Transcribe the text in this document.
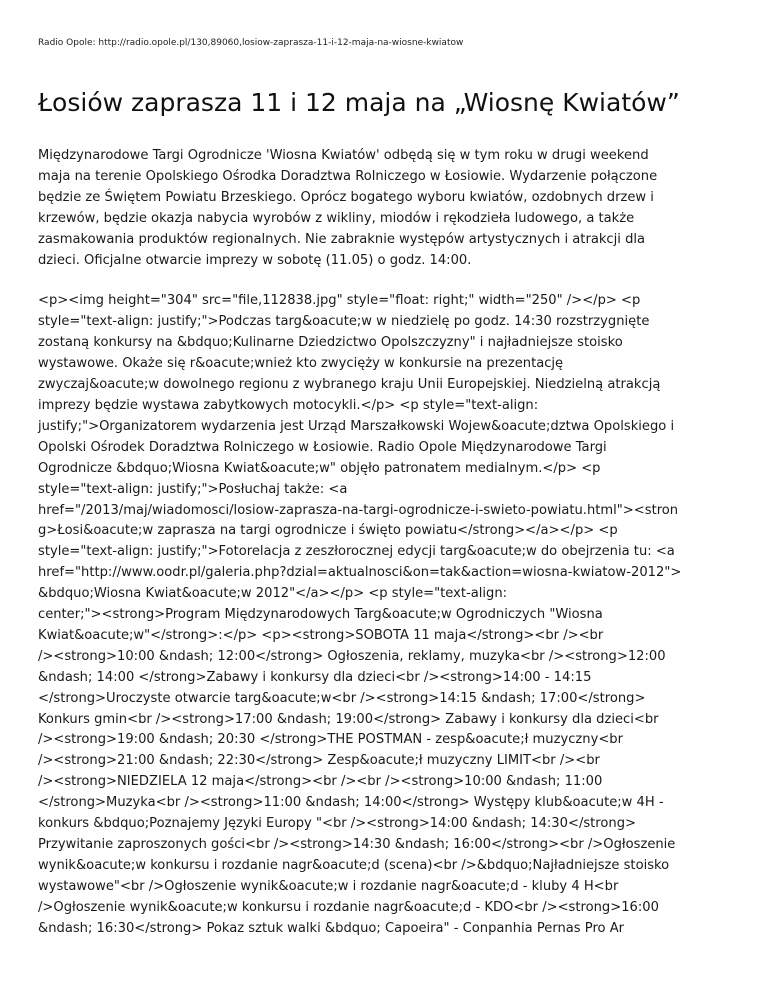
Radio Opole: http://radio.opole.pl/130,89060,losiow-zaprasza-11-i-12-maja-na-wiosne-kwiatow
Łosiów zaprasza 11 i 12 maja na „Wiosnę Kwiatów”

Międzynarodowe Targi Ogrodnicze 'Wiosna Kwiatów' odbędą się w tym roku w drugi weekend
maja na terenie Opolskiego Ośrodka Doradztwa Rolniczego w Łosiowie. Wydarzenie połączone
będzie ze Świętem Powiatu Brzeskiego. Oprócz bogatego wyboru kwiatów, ozdobnych drzew i
krzewów, będzie okazja nabycia wyrobów z wikliny, miodów i rękodzieła ludowego, a także
zasmakowania produktów regionalnych. Nie zabraknie występów artystycznych i atrakcji dla
dzieci. Oficjalne otwarcie imprezy w sobotę (11.05) o godz. 14:00.

<p><img height="304" src="file,112838.jpg" style="float: right;" width="250" /></p> <p
style="text-align: justify;">Podczas targ&oacute;w w niedzielę po godz. 14:30 rozstrzygnięte
zostaną konkursy na &bdquo;Kulinarne Dziedzictwo Opolszczyzny" i najładniejsze stoisko
wystawowe. Okaże się r&oacute;wnież kto zwycięży w konkursie na prezentację
zwyczaj&oacute;w dowolnego regionu z wybranego kraju Unii Europejskiej. Niedzielną atrakcją
imprezy będzie wystawa zabytkowych motocykli.</p> <p style="text-align:
justify;">Organizatorem wydarzenia jest Urząd Marszałkowski Wojew&oacute;dztwa Opolskiego i
Opolski Ośrodek Doradztwa Rolniczego w Łosiowie. Radio Opole Międzynarodowe Targi
Ogrodnicze &bdquo;Wiosna Kwiat&oacute;w" objęło patronatem medialnym.</p> <p
style="text-align: justify;">Posłuchaj także: <a
href="/2013/maj/wiadomosci/losiow-zaprasza-na-targi-ogrodnicze-i-swieto-powiatu.html"><stron
g>Łosi&oacute;w zaprasza na targi ogrodnicze i święto powiatu</strong></a></p> <p
style="text-align: justify;">Fotorelacja z zeszłorocznej edycji targ&oacute;w do obejrzenia tu: <a
href="http://www.oodr.pl/galeria.php?dzial=aktualnosci&on=tak&action=wiosna-kwiatow-2012">
&bdquo;Wiosna Kwiat&oacute;w 2012"</a></p> <p style="text-align:
center;"><strong>Program Międzynarodowych Targ&oacute;w Ogrodniczych "Wiosna
Kwiat&oacute;w"</strong>:</p> <p><strong>SOBOTA 11 maja</strong><br /><br
/><strong>10:00 &ndash; 12:00</strong> Ogłoszenia, reklamy, muzyka<br /><strong>12:00
&ndash; 14:00 </strong>Zabawy i konkursy dla dzieci<br /><strong>14:00 - 14:15
</strong>Uroczyste otwarcie targ&oacute;w<br /><strong>14:15 &ndash; 17:00</strong>
Konkurs gmin<br /><strong>17:00 &ndash; 19:00</strong> Zabawy i konkursy dla dzieci<br
/><strong>19:00 &ndash; 20:30 </strong>THE POSTMAN - zesp&oacute;ł muzyczny<br
/><strong>21:00 &ndash; 22:30</strong> Zesp&oacute;ł muzyczny LIMIT<br /><br
/><strong>NIEDZIELA 12 maja</strong><br /><br /><strong>10:00 &ndash; 11:00
</strong>Muzyka<br /><strong>11:00 &ndash; 14:00</strong> Występy klub&oacute;w 4H -
konkurs &bdquo;Poznajemy Języki Europy "<br /><strong>14:00 &ndash; 14:30</strong>
Przywitanie zaproszonych gości<br /><strong>14:30 &ndash; 16:00</strong><br />Ogłoszenie
wynik&oacute;w konkursu i rozdanie nagr&oacute;d (scena)<br />&bdquo;Najładniejsze stoisko
wystawowe"<br />Ogłoszenie wynik&oacute;w i rozdanie nagr&oacute;d - kluby 4 H<br
/>Ogłoszenie wynik&oacute;w konkursu i rozdanie nagr&oacute;d - KDO<br /><strong>16:00
&ndash; 16:30</strong> Pokaz sztuk walki &bdquo; Capoeira" - Conpanhia Pernas Pro Ar
